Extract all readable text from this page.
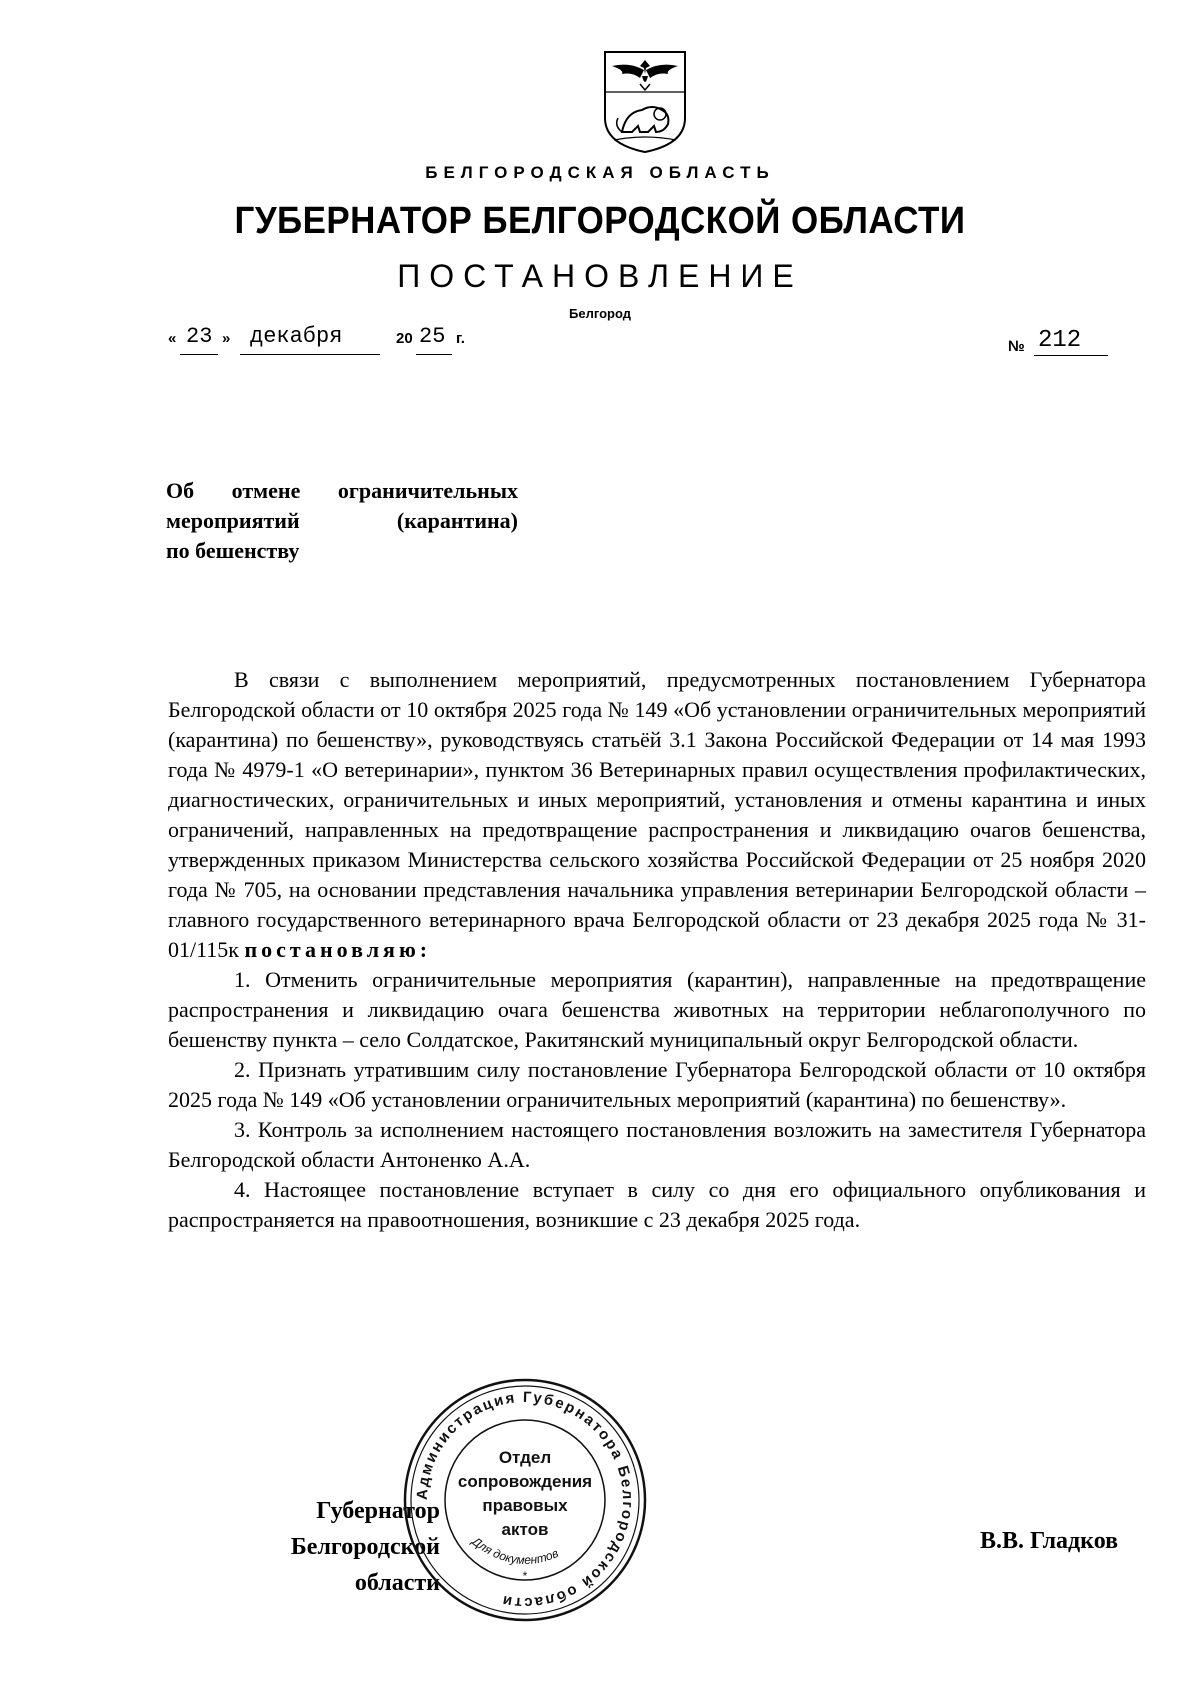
БЕЛГОРОДСКАЯ ОБЛАСТЬ
ГУБЕРНАТОР БЕЛГОРОДСКОЙ ОБЛАСТИ
ПОСТАНОВЛЕНИЕ
Белгород
« 23 » декабря	20 25 г.	№ 212
Об отмене ограничительных
мероприятий (карантина)
по бешенству

В связи с выполнением мероприятий, предусмотренных постановлением Губернатора Белгородской области от 10 октября 2025 года № 149 «Об установлении ограничительных мероприятий (карантина) по бешенству», руководствуясь статьёй 3.1 Закона Российской Федерации от 14 мая 1993 года № 4979-1 «О ветеринарии», пунктом 36 Ветеринарных правил осуществления профилактических, диагностических, ограничительных и иных мероприятий, установления и отмены карантина и иных ограничений, направленных на предотвращение распространения и ликвидацию очагов бешенства, утвержденных приказом Министерства сельского хозяйства Российской Федерации от 25 ноября 2020 года № 705, на основании представления начальника управления ветеринарии Белгородской области – главного государственного ветеринарного врача Белгородской области от 23 декабря 2025 года № 31-01/115к постановляю:

1. Отменить ограничительные мероприятия (карантин), направленные на предотвращение распространения и ликвидацию очага бешенства животных на территории неблагополучного по бешенству пункта – село Солдатское, Ракитянский муниципальный округ Белгородской области.

2. Признать утратившим силу постановление Губернатора Белгородской области от 10 октября 2025 года № 149 «Об установлении ограничительных мероприятий (карантина) по бешенству».

3. Контроль за исполнением настоящего постановления возложить на заместителя Губернатора Белгородской области Антоненко А.А.

4. Настоящее постановление вступает в силу со дня его официального опубликования и распространяется на правоотношения, возникшие с 23 декабря 2025 года.

Губернатор
Белгородской области
В.В. Гладков
Администрация Губернатора Белгородской области
Отдел
сопровождения
правовых
актов
Для документов
*
